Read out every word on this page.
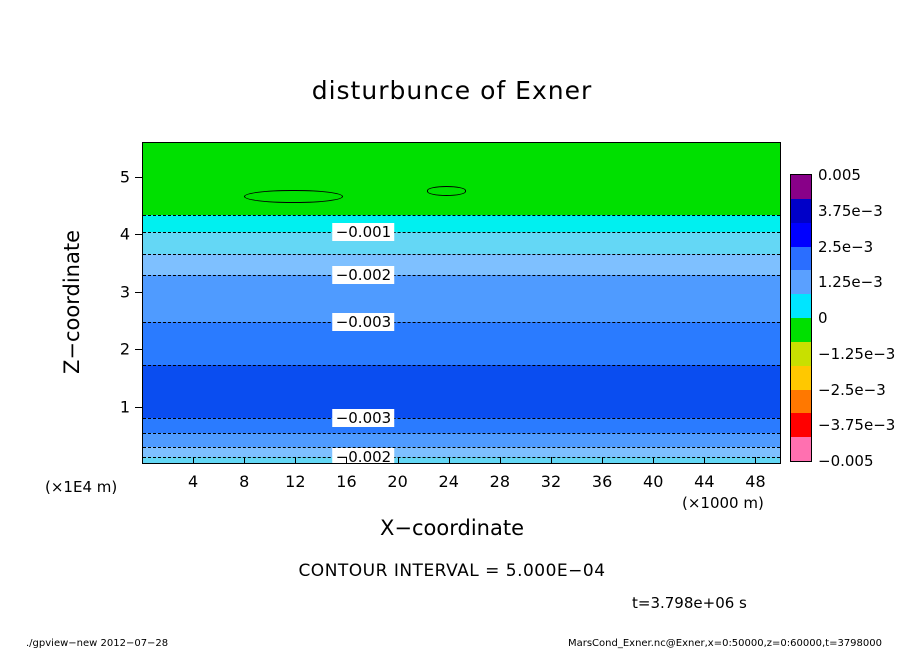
disturbunce of Exner
−0.001
−0.002
−0.003
−0.003
−0.002
1
2
3
4
5
Z−coordinate
(×1E4 m)	4	8 12 16 20 24 28 32 36 40 44 48
X−coordinate
(×1000 m)
0.005
3.75e−3
2.5e−3
1.25e−3
0
−1.25e−3
−2.5e−3
−3.75e−3
−0.005
CONTOUR INTERVAL = 5.000E−04
t=3.798e+06 s
./gpview−new 2012−07−28	MarsCond_Exner.nc@Exner,x=0:50000,z=0:60000,t=3798000
